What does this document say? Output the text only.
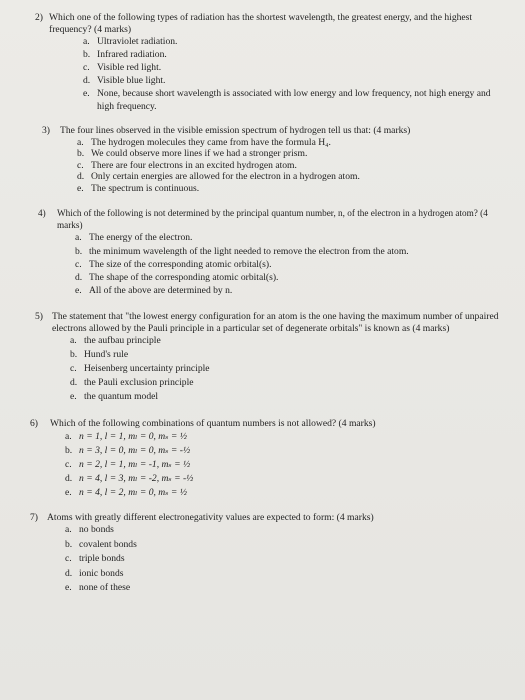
2) Which one of the following types of radiation has the shortest wavelength, the greatest energy, and the highest frequency? (4 marks)
a. Ultraviolet radiation.
b. Infrared radiation.
c. Visible red light.
d. Visible blue light.
e. None, because short wavelength is associated with low energy and low frequency, not high energy and high frequency.
3)	The four lines observed in the visible emission spectrum of hydrogen tell us that: (4 marks)
a. The hydrogen molecules they came from have the formula H₄.
b. We could observe more lines if we had a stronger prism.
c. There are four electrons in an excited hydrogen atom.
d. Only certain energies are allowed for the electron in a hydrogen atom.
e. The spectrum is continuous.
4)	Which of the following is not determined by the principal quantum number, n, of the electron in a hydrogen atom? (4 marks)
a. The energy of the electron.
b. the minimum wavelength of the light needed to remove the electron from the atom.
c. The size of the corresponding atomic orbital(s).
d. The shape of the corresponding atomic orbital(s).
e. All of the above are determined by n.
5) The statement that "the lowest energy configuration for an atom is the one having the maximum number of unpaired electrons allowed by the Pauli principle in a particular set of degenerate orbitals" is known as (4 marks)
a. the aufbau principle
b. Hund's rule
c. Heisenberg uncertainty principle
d. the Pauli exclusion principle
e. the quantum model
6)	Which of the following combinations of quantum numbers is not allowed? (4 marks)
a. n = 1, l = 1, mₗ = 0, mₛ = ½
b. n = 3, l = 0, mₗ = 0, mₛ = -½
c. n = 2, l = 1, mₗ = -1, mₛ = ½
d. n = 4, l = 3, mₗ = -2, mₛ = -½
e. n = 4, l = 2, mₗ = 0, mₛ = ½
7) Atoms with greatly different electronegativity values are expected to form: (4 marks)
a. no bonds
b. covalent bonds
c. triple bonds
d. ionic bonds
e. none of these
